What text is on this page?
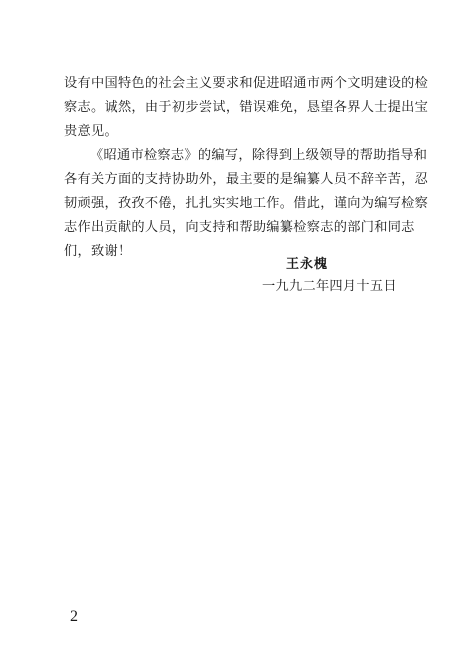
设有中国特色的社会主义要求和促进昭通市两个文明建设的检
察志。诚然，由于初步尝试，错误难免，恳望各界人士提出宝
贵意见。
《昭通市检察志》的编写，除得到上级领导的帮助指导和
各有关方面的支持协助外，最主要的是编纂人员不辞辛苦，忍
韧顽强，孜孜不倦，扎扎实实地工作。借此，谨向为编写检察
志作出贡献的人员，向支持和帮助编纂检察志的部门和同志
们，致谢！
王永槐
一九九二年四月十五日
2
